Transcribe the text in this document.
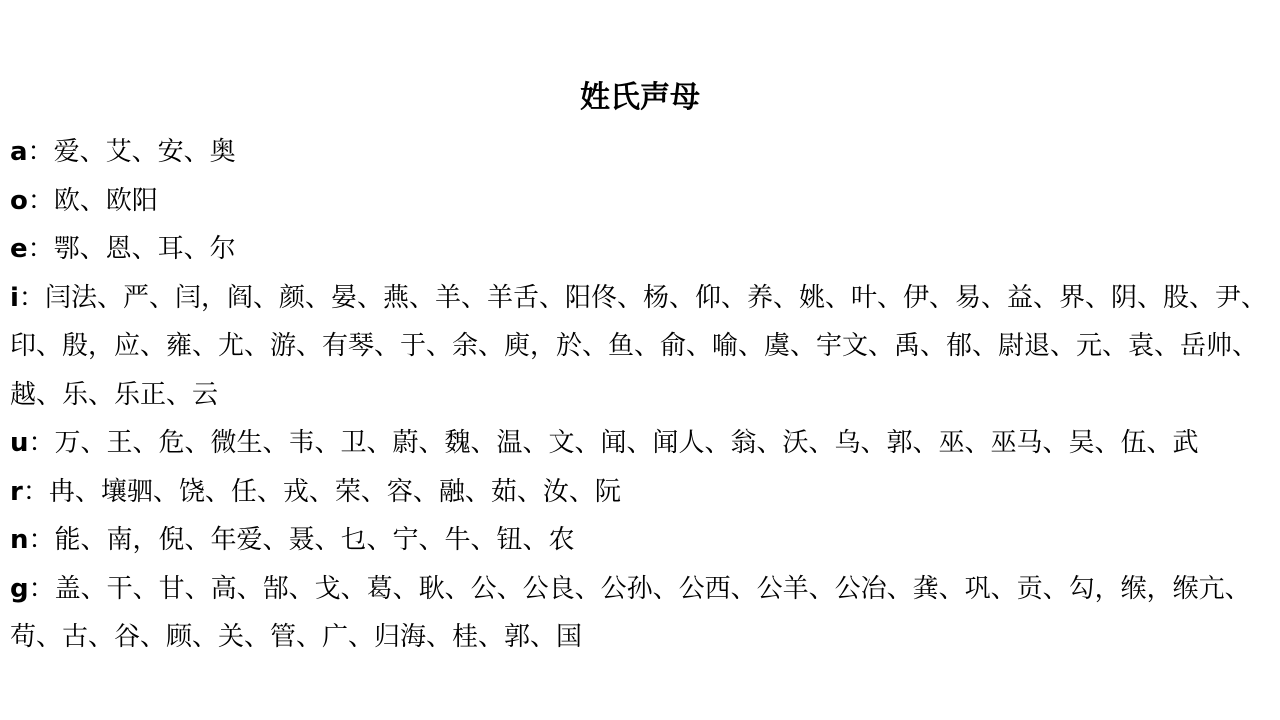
姓氏声母

a：爱、艾、安、奥

o：欧、欧阳

e：鄂、恩、耳、尔

i：闫法、严、闫，阎、颜、晏、燕、羊、羊舌、阳佟、杨、仰、养、姚、叶、伊、易、益、界、阴、股、尹、印、殷，应、雍、尤、游、有琴、于、余、庾，於、鱼、俞、喻、虞、宇文、禹、郁、尉退、元、袁、岳帅、越、乐、乐正、云

u：万、王、危、微生、韦、卫、蔚、魏、温、文、闻、闻人、翁、沃、乌、郭、巫、巫马、吴、伍、武

r：冉、壤驷、饶、任、戎、荣、容、融、茹、汝、阮

n：能、南，倪、年爱、聂、乜、宁、牛、钮、农

g：盖、干、甘、高、郜、戈、葛、耿、公、公良、公孙、公西、公羊、公冶、龚、巩、贡、勾，缑，缑亢、苟、古、谷、顾、关、管、广、归海、桂、郭、国
